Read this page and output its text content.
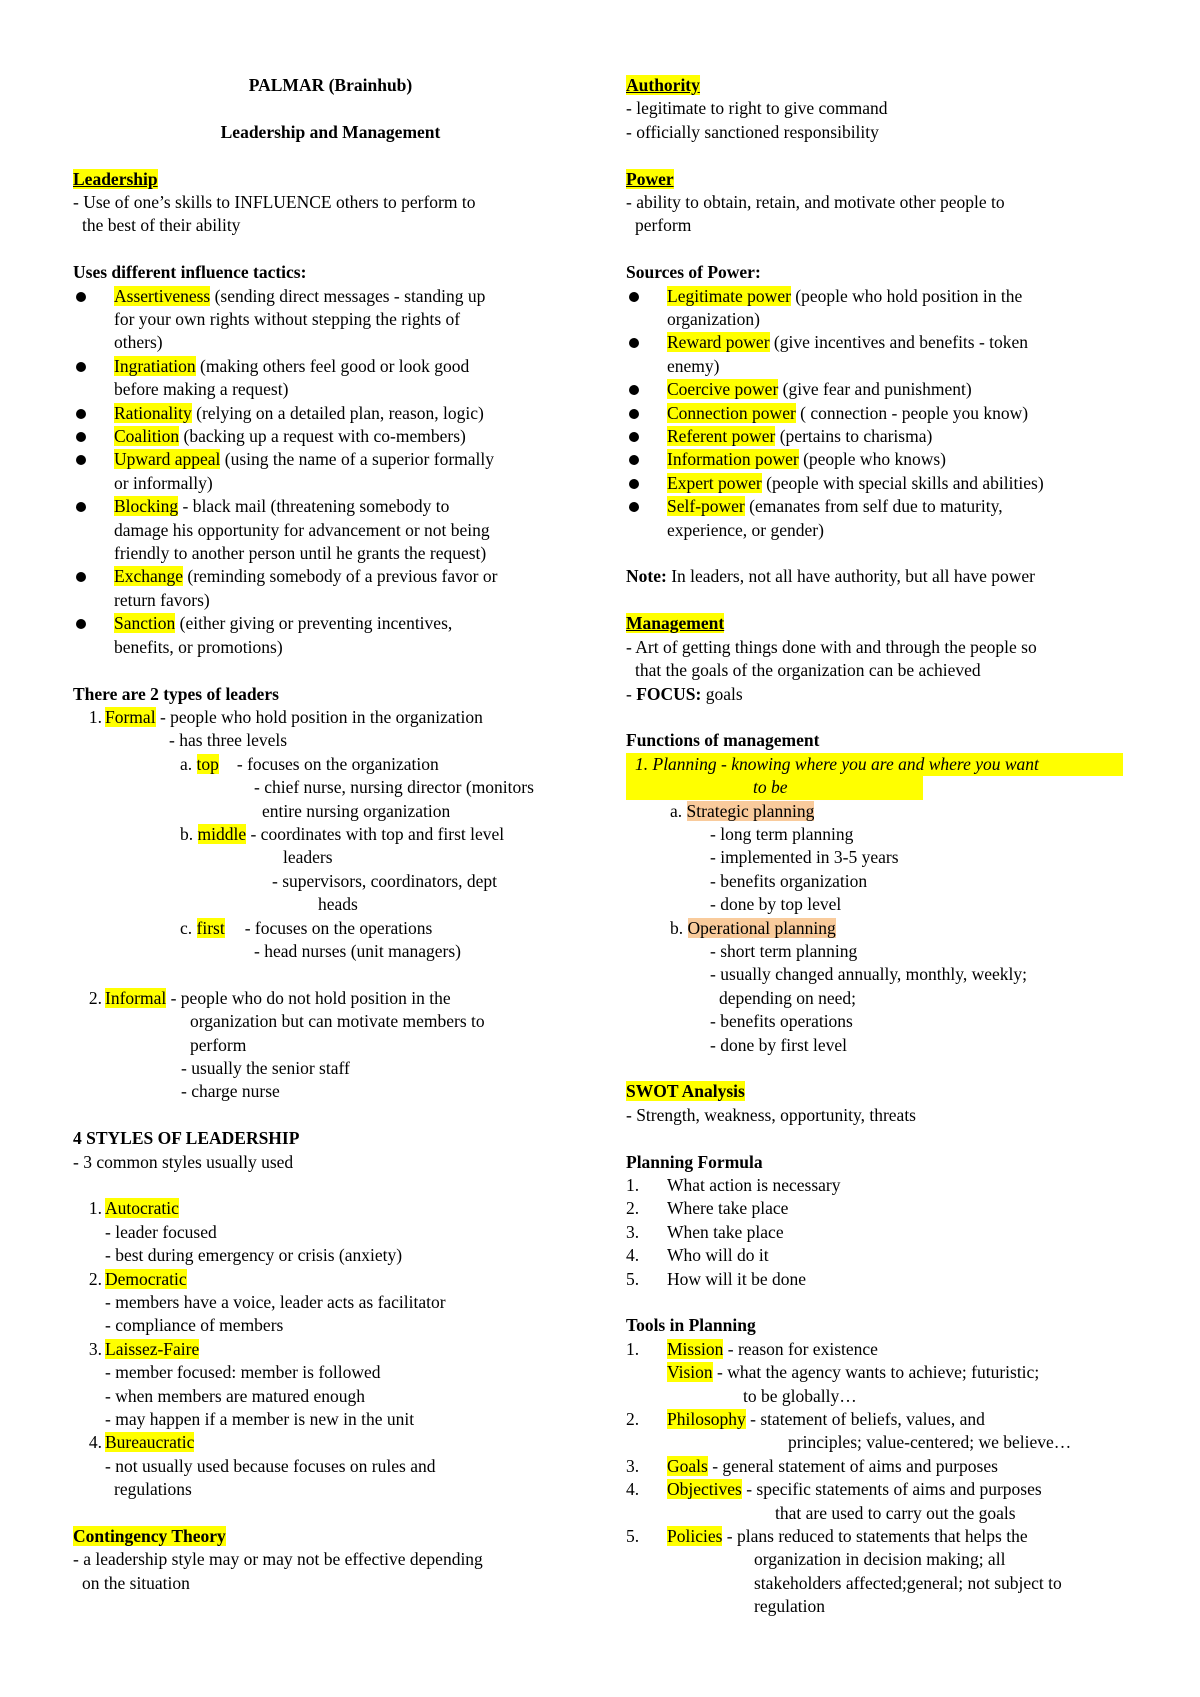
PALMAR (Brainhub)
Leadership and Management
Leadership
- Use of one’s skills to INFLUENCE others to perform to
the best of their ability
Uses different influence tactics:
Assertiveness (sending direct messages - standing up
for your own rights without stepping the rights of
others)
Ingratiation (making others feel good or look good
before making a request)
Rationality (relying on a detailed plan, reason, logic)
Coalition (backing up a request with co-members)
Upward appeal (using the name of a superior formally
or informally)
Blocking - black mail (threatening somebody to
damage his opportunity for advancement or not being
friendly to another person until he grants the request)
Exchange (reminding somebody of a previous favor or
return favors)
Sanction (either giving or preventing incentives,
benefits, or promotions)
There are 2 types of leaders
1. Formal - people who hold position in the organization
- has three levels
a. top - focuses on the organization
- chief nurse, nursing director (monitors
entire nursing organization
b. middle - coordinates with top and first level
leaders
- supervisors, coordinators, dept
heads
c. first - focuses on the operations
- head nurses (unit managers)
2. Informal - people who do not hold position in the
organization but can motivate members to
perform
- usually the senior staff
- charge nurse
4 STYLES OF LEADERSHIP
- 3 common styles usually used
1. Autocratic
- leader focused
- best during emergency or crisis (anxiety)
2. Democratic
- members have a voice, leader acts as facilitator
- compliance of members
3. Laissez-Faire
- member focused: member is followed
- when members are matured enough
- may happen if a member is new in the unit
4. Bureaucratic
- not usually used because focuses on rules and
regulations
Contingency Theory
- a leadership style may or may not be effective depending
on the situation
Authority
- legitimate to right to give command
- officially sanctioned responsibility
Power
- ability to obtain, retain, and motivate other people to
perform
Sources of Power:
Legitimate power (people who hold position in the
organization)
Reward power (give incentives and benefits - token
enemy)
Coercive power (give fear and punishment)
Connection power ( connection - people you know)
Referent power (pertains to charisma)
Information power (people who knows)
Expert power (people with special skills and abilities)
Self-power (emanates from self due to maturity,
experience, or gender)
Note: In leaders, not all have authority, but all have power
Management
- Art of getting things done with and through the people so
that the goals of the organization can be achieved
- FOCUS: goals
Functions of management
1. Planning - knowing where you are and where you want
to be
a. Strategic planning
- long term planning
- implemented in 3-5 years
- benefits organization
- done by top level
b. Operational planning
- short term planning
- usually changed annually, monthly, weekly;
depending on need;
- benefits operations
- done by first level
SWOT Analysis
- Strength, weakness, opportunity, threats
Planning Formula
1. What action is necessary
2. Where take place
3. When take place
4. Who will do it
5. How will it be done
Tools in Planning
1. Mission - reason for existence
Vision - what the agency wants to achieve; futuristic;
to be globally…
2. Philosophy - statement of beliefs, values, and
principles; value-centered; we believe…
3. Goals - general statement of aims and purposes
4. Objectives - specific statements of aims and purposes
that are used to carry out the goals
5. Policies - plans reduced to statements that helps the
organization in decision making; all
stakeholders affected;general; not subject to
regulation
